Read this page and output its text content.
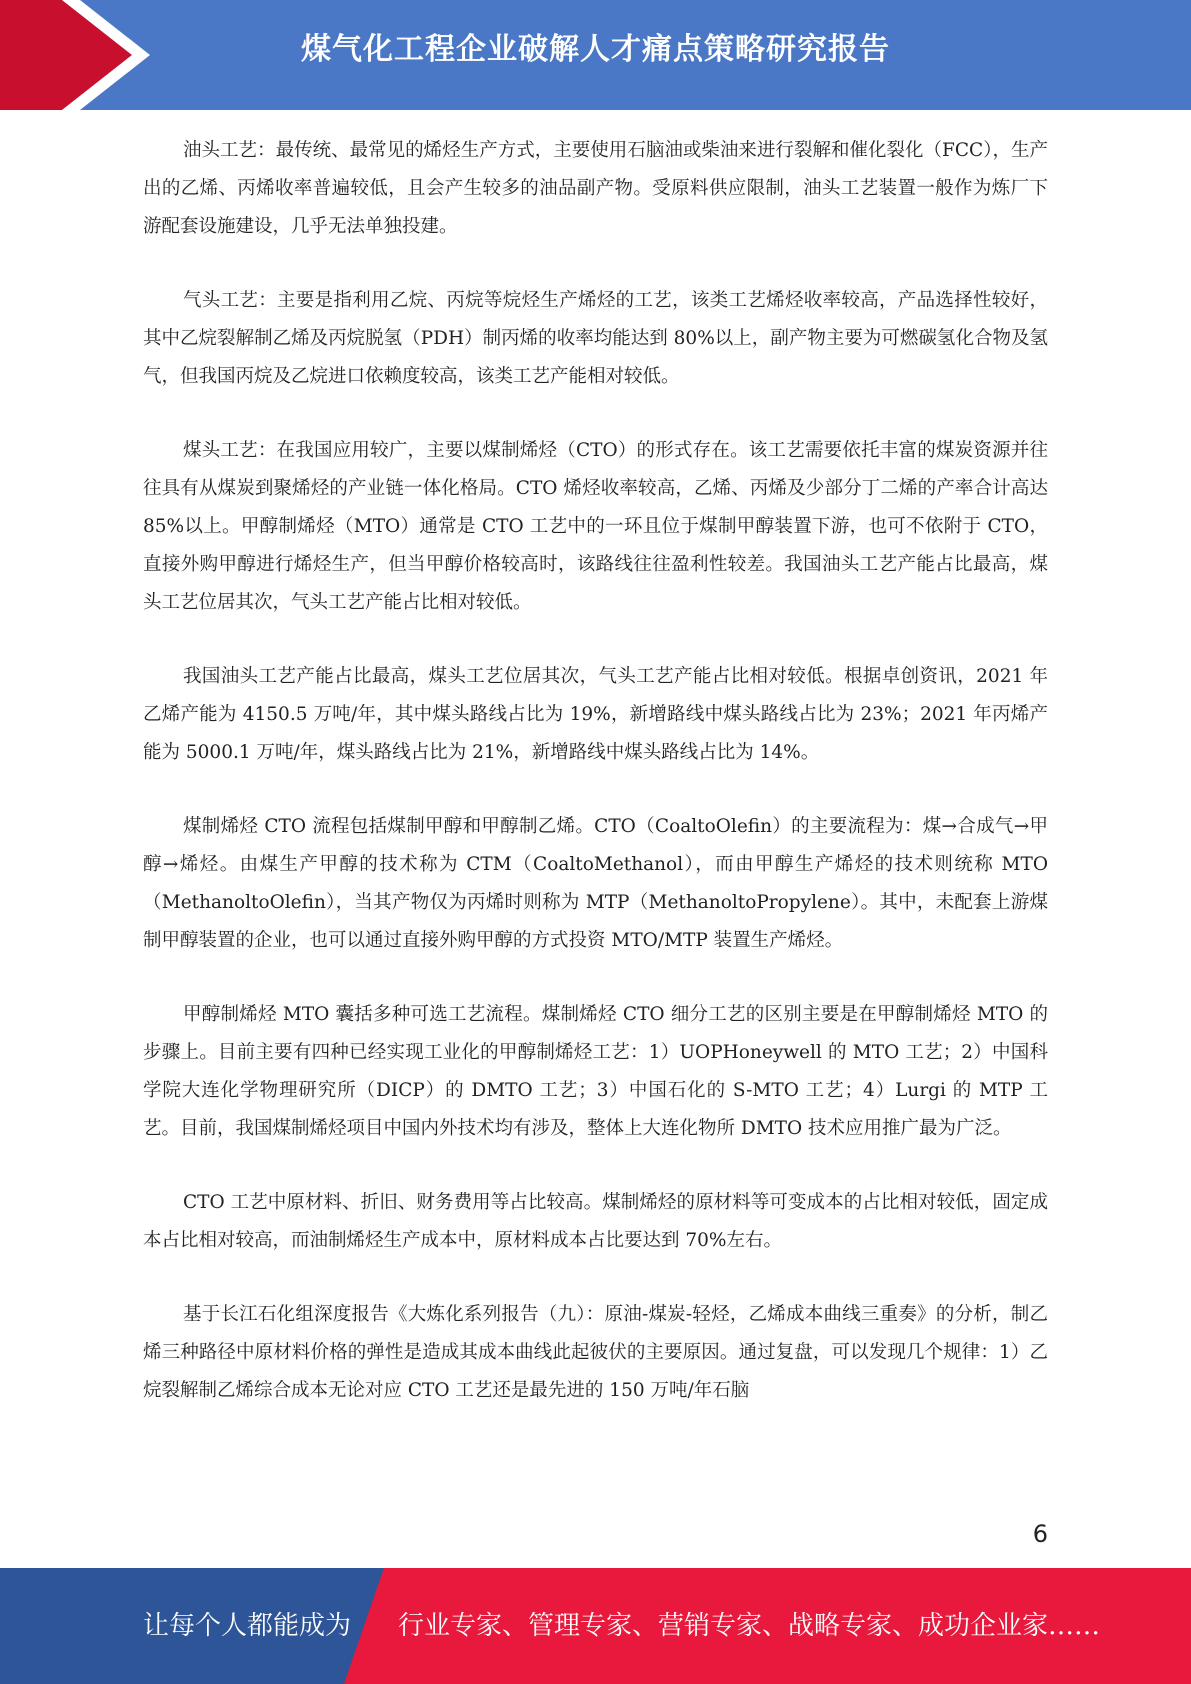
煤气化工程企业破解人才痛点策略研究报告

油头工艺：最传统、最常见的烯烃生产方式，主要使用石脑油或柴油来进行裂解和催化裂化（FCC），生产出的乙烯、丙烯收率普遍较低，且会产生较多的油品副产物。受原料供应限制，油头工艺装置一般作为炼厂下游配套设施建设，几乎无法单独投建。

气头工艺：主要是指利用乙烷、丙烷等烷烃生产烯烃的工艺，该类工艺烯烃收率较高，产品选择性较好，其中乙烷裂解制乙烯及丙烷脱氢（PDH）制丙烯的收率均能达到 80%以上，副产物主要为可燃碳氢化合物及氢气，但我国丙烷及乙烷进口依赖度较高，该类工艺产能相对较低。

煤头工艺：在我国应用较广，主要以煤制烯烃（CTO）的形式存在。该工艺需要依托丰富的煤炭资源并往往具有从煤炭到聚烯烃的产业链一体化格局。CTO 烯烃收率较高，乙烯、丙烯及少部分丁二烯的产率合计高达 85%以上。甲醇制烯烃（MTO）通常是 CTO 工艺中的一环且位于煤制甲醇装置下游，也可不依附于 CTO，直接外购甲醇进行烯烃生产，但当甲醇价格较高时，该路线往往盈利性较差。我国油头工艺产能占比最高，煤头工艺位居其次，气头工艺产能占比相对较低。

我国油头工艺产能占比最高，煤头工艺位居其次，气头工艺产能占比相对较低。根据卓创资讯，2021 年乙烯产能为 4150.5 万吨/年，其中煤头路线占比为 19%，新增路线中煤头路线占比为 23%；2021 年丙烯产能为 5000.1 万吨/年，煤头路线占比为 21%，新增路线中煤头路线占比为 14%。

煤制烯烃 CTO 流程包括煤制甲醇和甲醇制乙烯。CTO（CoaltoOlefin）的主要流程为：煤→合成气→甲醇→烯烃。由煤生产甲醇的技术称为 CTM（CoaltoMethanol），而由甲醇生产烯烃的技术则统称 MTO（MethanoltoOlefin），当其产物仅为丙烯时则称为 MTP（MethanoltoPropylene）。其中，未配套上游煤制甲醇装置的企业，也可以通过直接外购甲醇的方式投资 MTO/MTP 装置生产烯烃。

甲醇制烯烃 MTO 囊括多种可选工艺流程。煤制烯烃 CTO 细分工艺的区别主要是在甲醇制烯烃 MTO 的步骤上。目前主要有四种已经实现工业化的甲醇制烯烃工艺：1）UOPHoneywell 的 MTO 工艺；2）中国科学院大连化学物理研究所（DICP）的 DMTO 工艺；3）中国石化的 S-MTO 工艺；4）Lurgi 的 MTP 工艺。目前，我国煤制烯烃项目中国内外技术均有涉及，整体上大连化物所 DMTO 技术应用推广最为广泛。

CTO 工艺中原材料、折旧、财务费用等占比较高。煤制烯烃的原材料等可变成本的占比相对较低，固定成本占比相对较高，而油制烯烃生产成本中，原材料成本占比要达到 70%左右。

基于长江石化组深度报告《大炼化系列报告（九）：原油-煤炭-轻烃，乙烯成本曲线三重奏》的分析，制乙烯三种路径中原材料价格的弹性是造成其成本曲线此起彼伏的主要原因。通过复盘，可以发现几个规律：1）乙烷裂解制乙烯综合成本无论对应 CTO 工艺还是最先进的 150 万吨/年石脑

6
让每个人都能成为 行业专家、管理专家、营销专家、战略专家、成功企业家……
